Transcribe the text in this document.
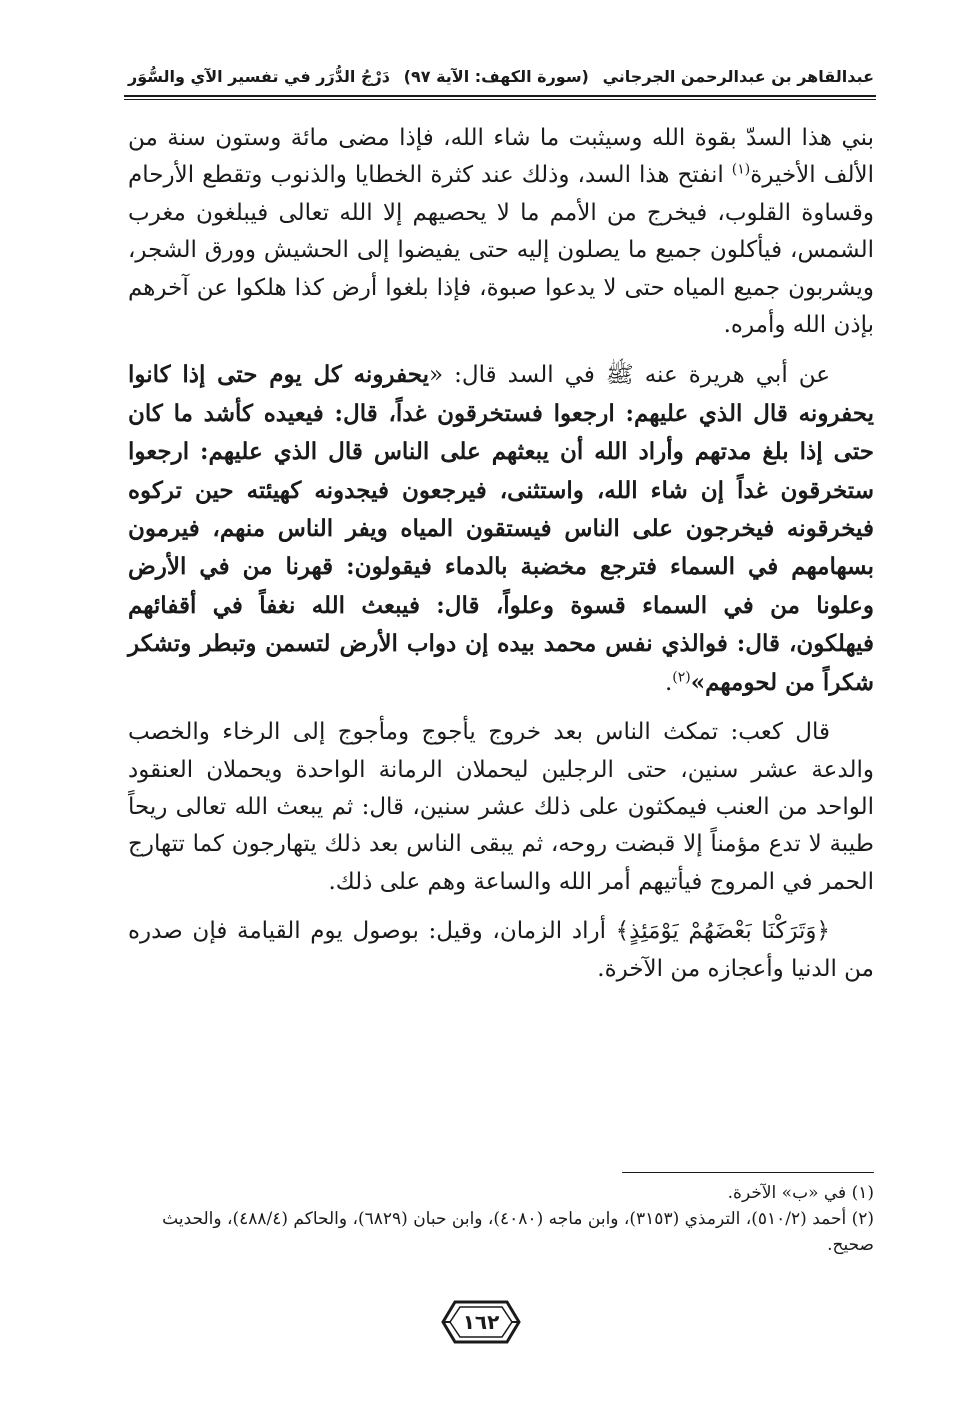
عبدالقاهر بن عبدالرحمن الجرجاني
(سورة الكهف: الآية ٩٧)
دَرْجُ الدُّرَر في تفسير الآي والسُّوَر

بني هذا السدّ بقوة الله وسيثبت ما شاء الله، فإذا مضى مائة وستون سنة من الألف الأخيرة$^{(١)}$ انفتح هذا السد، وذلك عند كثرة الخطايا والذنوب وتقطع الأرحام وقساوة القلوب، فيخرج من الأمم ما لا يحصيهم إلا الله تعالى فيبلغون مغرب الشمس، فيأكلون جميع ما يصلون إليه حتى يفيضوا إلى الحشيش وورق الشجر، ويشربون جميع المياه حتى لا يدعوا صبوة، فإذا بلغوا أرض كذا هلكوا عن آخرهم بإذن الله وأمره.

عن أبي هريرة عنه ﷺ في السد قال: «يحفرونه كل يوم حتى إذا كانوا يحفرونه قال الذي عليهم: ارجعوا فستخرقون غداً، قال: فيعيده كأشد ما كان حتى إذا بلغ مدتهم وأراد الله أن يبعثهم على الناس قال الذي عليهم: ارجعوا ستخرقون غداً إن شاء الله، واستثنى، فيرجعون فيجدونه كهيئته حين تركوه فيخرقونه فيخرجون على الناس فيستقون المياه ويفر الناس منهم، فيرمون بسهامهم في السماء فترجع مخضبة بالدماء فيقولون: قهرنا من في الأرض وعلونا من في السماء قسوة وعلواً، قال: فيبعث الله نغفاً في أقفائهم فيهلكون، قال: فوالذي نفس محمد بيده إن دواب الأرض لتسمن وتبطر وتشكر شكراً من لحومهم»$^{(٢)}$.

قال كعب: تمكث الناس بعد خروج يأجوج ومأجوج إلى الرخاء والخصب والدعة عشر سنين، حتى الرجلين ليحملان الرمانة الواحدة ويحملان العنقود الواحد من العنب فيمكثون على ذلك عشر سنين، قال: ثم يبعث الله تعالى ريحاً طيبة لا تدع مؤمناً إلا قبضت روحه، ثم يبقى الناس بعد ذلك يتهارجون كما تتهارج الحمر في المروج فيأتيهم أمر الله والساعة وهم على ذلك.

﴿وَتَرَكْنَا بَعْضَهُمْ يَوْمَئِذٍ﴾ أراد الزمان، وقيل: بوصول يوم القيامة فإن صدره من الدنيا وأعجازه من الآخرة.

(١) في «ب» الآخرة.

(٢) أحمد (٥١٠/٢)، الترمذي (٣١٥٣)، وابن ماجه (٤٠٨٠)، وابن حبان (٦٨٢٩)، والحاكم (٤٨٨/٤)، والحديث صحيح.

١٦٢
